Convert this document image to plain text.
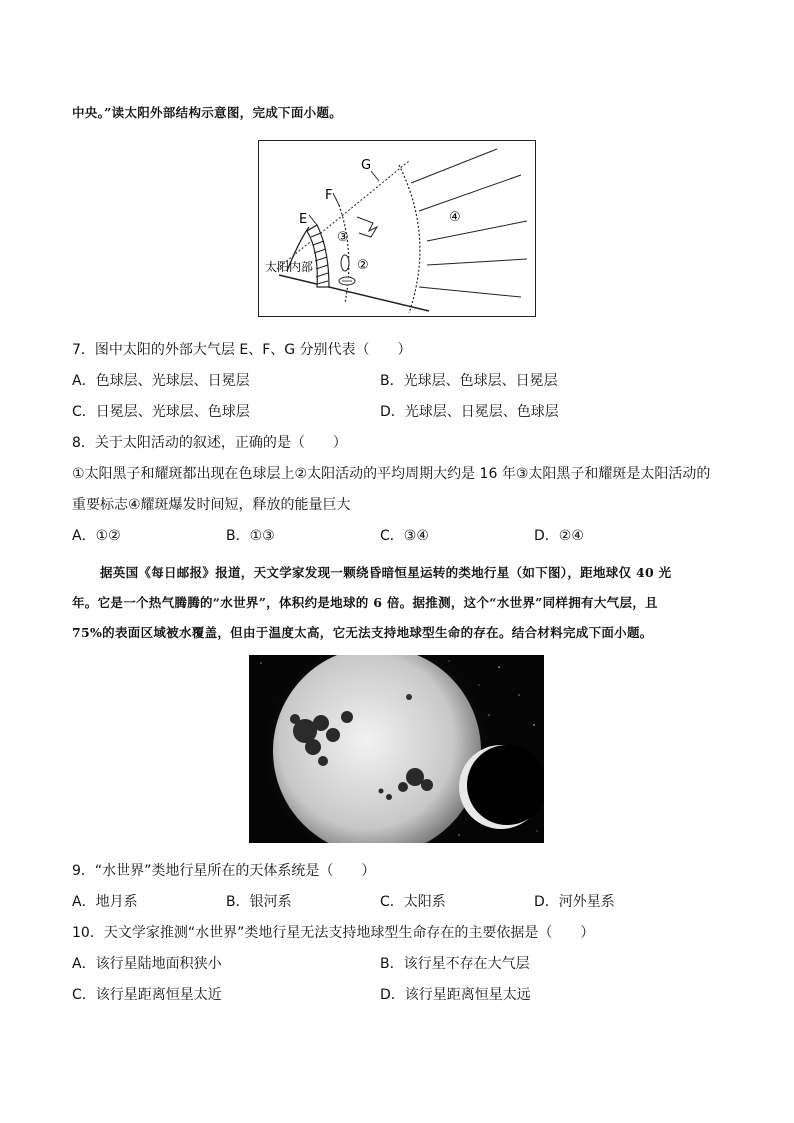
中央。”读太阳外部结构示意图，完成下面小题。
G
F
E
太阳内部
③
②
④
7．图中太阳的外部大气层 E、F、G 分别代表（　　）
A．色球层、光球层、日冕层	B．光球层、色球层、日冕层
C．日冕层、光球层、色球层	D．光球层、日冕层、色球层
8．关于太阳活动的叙述，正确的是（　　）
①太阳黑子和耀斑都出现在色球层上②太阳活动的平均周期大约是 16 年③太阳黑子和耀斑是太阳活动的
重要标志④耀斑爆发时间短，释放的能量巨大
A．①②	B．①③	C．③④	D．②④
据英国《每日邮报》报道，天文学家发现一颗绕昏暗恒星运转的类地行星（如下图），距地球仅 40 光
年。它是一个热气腾腾的“水世界”，体积约是地球的 6 倍。据推测，这个“水世界”同样拥有大气层，且
75%的表面区域被水覆盖，但由于温度太高，它无法支持地球型生命的存在。结合材料完成下面小题。
9．“水世界”类地行星所在的天体系统是（　　）
A．地月系	B．银河系	C．太阳系	D．河外星系
10．天文学家推测“水世界”类地行星无法支持地球型生命存在的主要依据是（　　）
A．该行星陆地面积狭小	B．该行星不存在大气层
C．该行星距离恒星太近	D．该行星距离恒星太远
